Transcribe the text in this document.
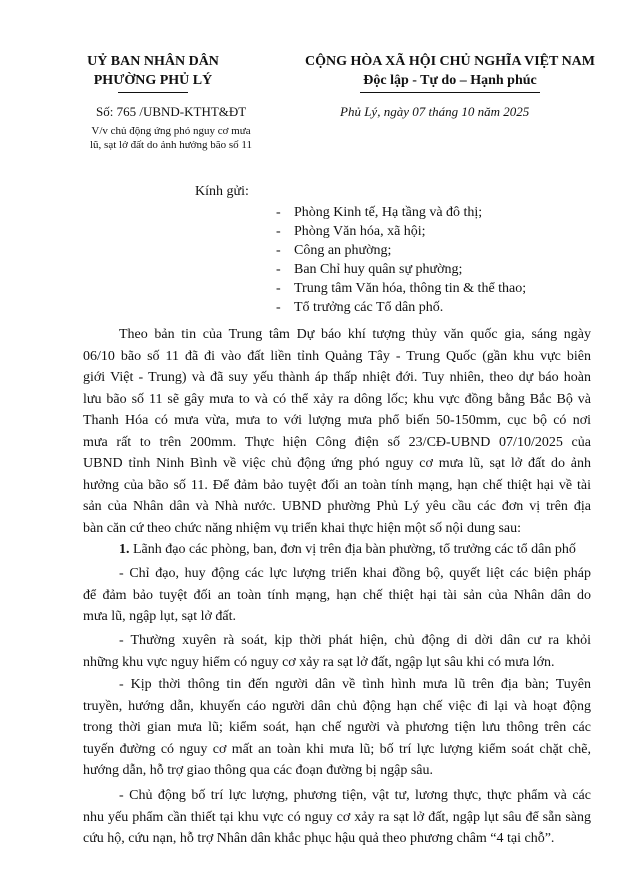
UỶ BAN NHÂN DÂN
PHƯỜNG PHỦ LÝ
CỘNG HÒA XÃ HỘI CHỦ NGHĨA VIỆT NAM
Độc lập - Tự do – Hạnh phúc
Số: 765 /UBND-KTHT&ĐT
V/v chủ động ứng phó nguy cơ mưa
lũ, sạt lở đất do ảnh hưởng bão số 11
Phủ Lý, ngày 07 tháng 10 năm 2025
Kính gửi:
- Phòng Kinh tế, Hạ tầng và đô thị;
- Phòng Văn hóa, xã hội;
- Công an phường;
- Ban Chỉ huy quân sự phường;
- Trung tâm Văn hóa, thông tin & thể thao;
- Tổ trưởng các Tổ dân phố.
Theo bản tin của Trung tâm Dự báo khí tượng thủy văn quốc gia, sáng ngày
06/10 bão số 11 đã đi vào đất liền tỉnh Quảng Tây - Trung Quốc (gần khu vực biên
giới Việt - Trung) và đã suy yếu thành áp thấp nhiệt đới. Tuy nhiên, theo dự báo hoàn
lưu bão số 11 sẽ gây mưa to và có thể xảy ra dông lốc; khu vực đồng bằng Bắc Bộ và
Thanh Hóa có mưa vừa, mưa to với lượng mưa phổ biến 50-150mm, cục bộ có nơi
mưa rất to trên 200mm. Thực hiện Công điện số 23/CĐ-UBND 07/10/2025 của
UBND tỉnh Ninh Bình về việc chủ động ứng phó nguy cơ mưa lũ, sạt lở đất do ảnh
hưởng của bão số 11. Để đảm bảo tuyệt đối an toàn tính mạng, hạn chế thiệt hại về tài
sản của Nhân dân và Nhà nước. UBND phường Phủ Lý yêu cầu các đơn vị trên địa
bàn căn cứ theo chức năng nhiệm vụ triển khai thực hiện một số nội dung sau:
1. Lãnh đạo các phòng, ban, đơn vị trên địa bàn phường, tổ trưởng các tổ dân phố
- Chỉ đạo, huy động các lực lượng triển khai đồng bộ, quyết liệt các biện pháp
để đảm bảo tuyệt đối an toàn tính mạng, hạn chế thiệt hại tài sản của Nhân dân do
mưa lũ, ngập lụt, sạt lở đất.
- Thường xuyên rà soát, kịp thời phát hiện, chủ động di dời dân cư ra khỏi
những khu vực nguy hiểm có nguy cơ xảy ra sạt lở đất, ngập lụt sâu khi có mưa lớn.
- Kịp thời thông tin đến người dân về tình hình mưa lũ trên địa bàn; Tuyên
truyền, hướng dẫn, khuyến cáo người dân chủ động hạn chế việc đi lại và hoạt động
trong thời gian mưa lũ; kiểm soát, hạn chế người và phương tiện lưu thông trên các
tuyến đường có nguy cơ mất an toàn khi mưa lũ; bố trí lực lượng kiểm soát chặt chẽ,
hướng dẫn, hỗ trợ giao thông qua các đoạn đường bị ngập sâu.
- Chủ động bố trí lực lượng, phương tiện, vật tư, lương thực, thực phẩm và các
nhu yếu phẩm cần thiết tại khu vực có nguy cơ xảy ra sạt lở đất, ngập lụt sâu để sẵn sàng
cứu hộ, cứu nạn, hỗ trợ Nhân dân khắc phục hậu quả theo phương châm “4 tại chỗ”.
